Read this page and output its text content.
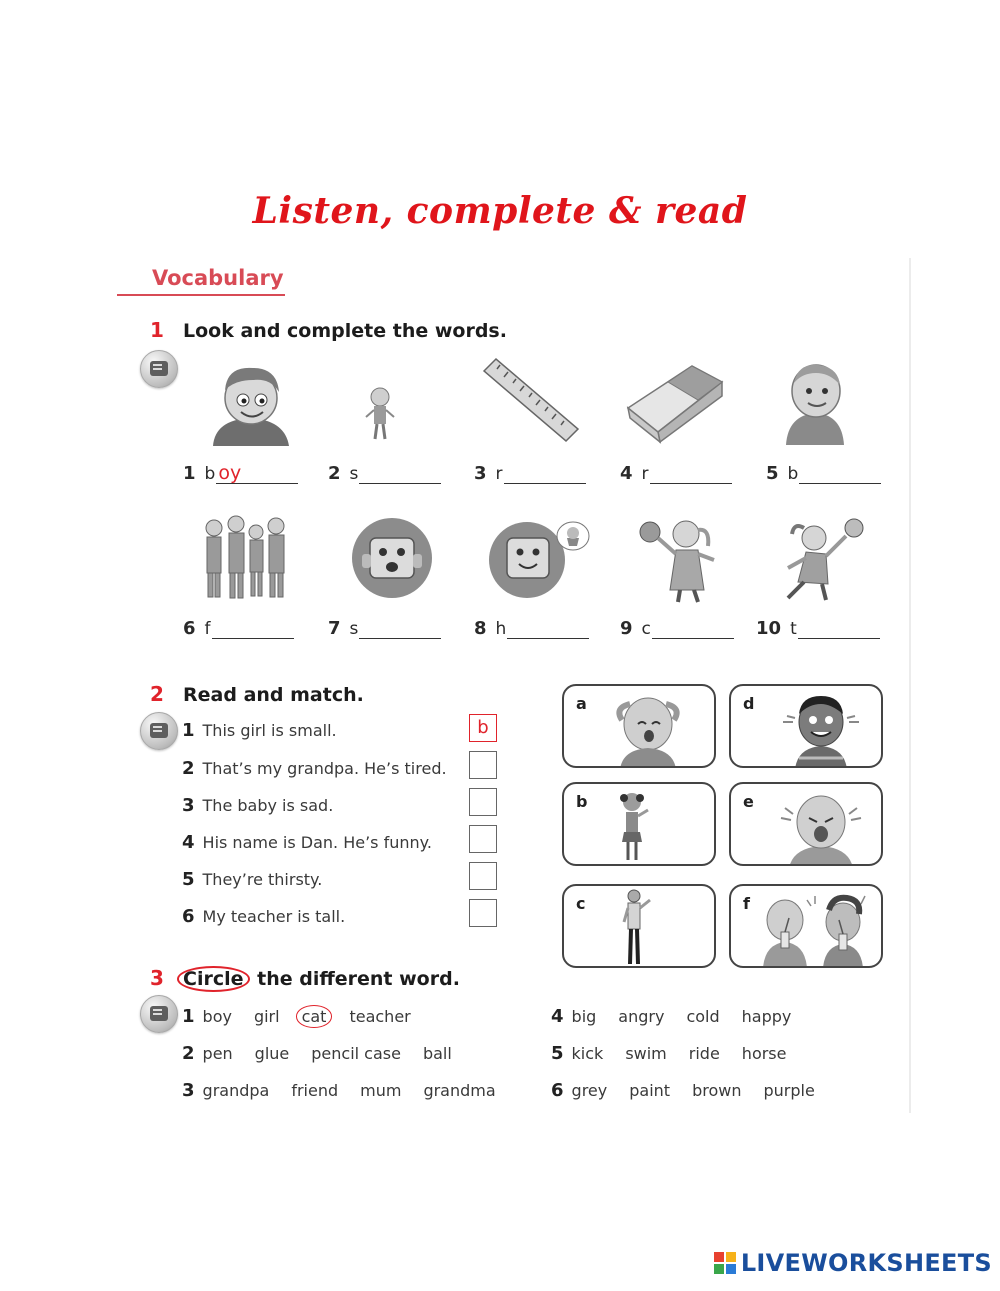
Listen, complete & read
Vocabulary
1 Look and complete the words.
1 b oy	2 s	3 r	4 r	5 b
6 f	7 s	8 h	9 c	10 t
2 Read and match.
1 This girl is small.
2 That’s my grandpa. He’s tired.
3 The baby is sad.
4 His name is Dan. He’s funny.
5 They’re thirsty.
6 My teacher is tall.
b
a	d
b	e
c	f
3 Circle the different word.
1 boy girl cat teacher
2 pen glue pencil case ball
3 grandpa friend mum grandma
4 big angry cold happy
5 kick swim ride horse
6 grey paint brown purple
LIVEWORKSHEETS
